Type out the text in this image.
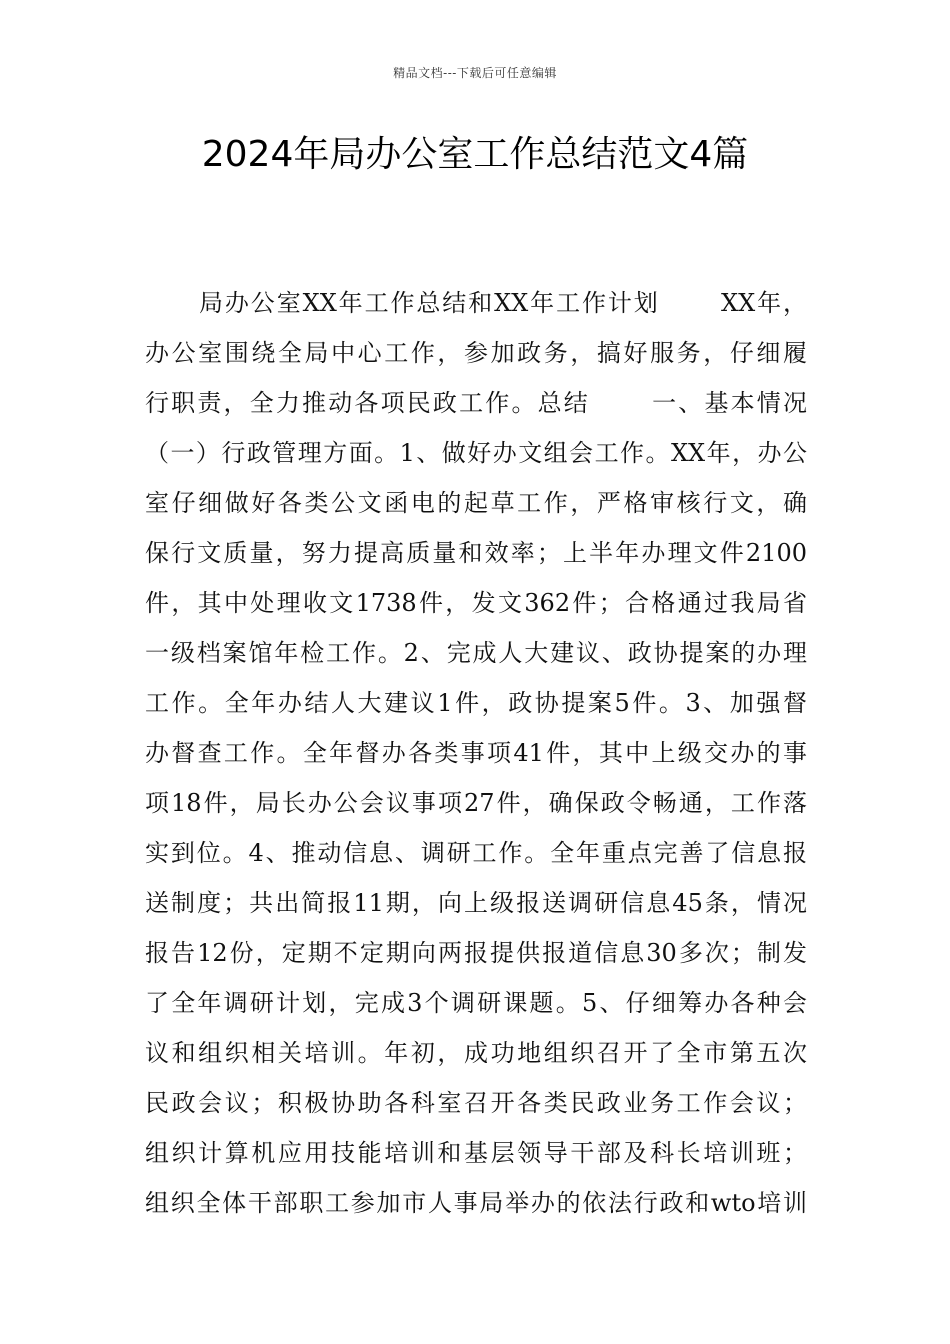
精品文档---下载后可任意编辑
2024年局办公室工作总结范文4篇
局办公室XX年工作总结和XX年工作计划　　 XX年，
办公室围绕全局中心工作，参加政务，搞好服务，仔细履
行职责，全力推动各项民政工作。总结　　 一、基本情况
（一）行政管理方面。1、做好办文组会工作。XX年，办公
室仔细做好各类公文函电的起草工作，严格审核行文，确
保行文质量，努力提高质量和效率；上半年办理文件2100
件，其中处理收文1738件，发文362件；合格通过我局省
一级档案馆年检工作。2、完成人大建议、政协提案的办理
工作。全年办结人大建议1件，政协提案5件。3、加强督
办督查工作。全年督办各类事项41件，其中上级交办的事
项18件，局长办公会议事项27件，确保政令畅通，工作落
实到位。4、推动信息、调研工作。全年重点完善了信息报
送制度；共出简报11期，向上级报送调研信息45条，情况
报告12份，定期不定期向两报提供报道信息30多次；制发
了全年调研计划，完成3个调研课题。5、仔细筹办各种会
议和组织相关培训。年初，成功地组织召开了全市第五次
民政会议；积极协助各科室召开各类民政业务工作会议；
组织计算机应用技能培训和基层领导干部及科长培训班；
组织全体干部职工参加市人事局举办的依法行政和wto培训
